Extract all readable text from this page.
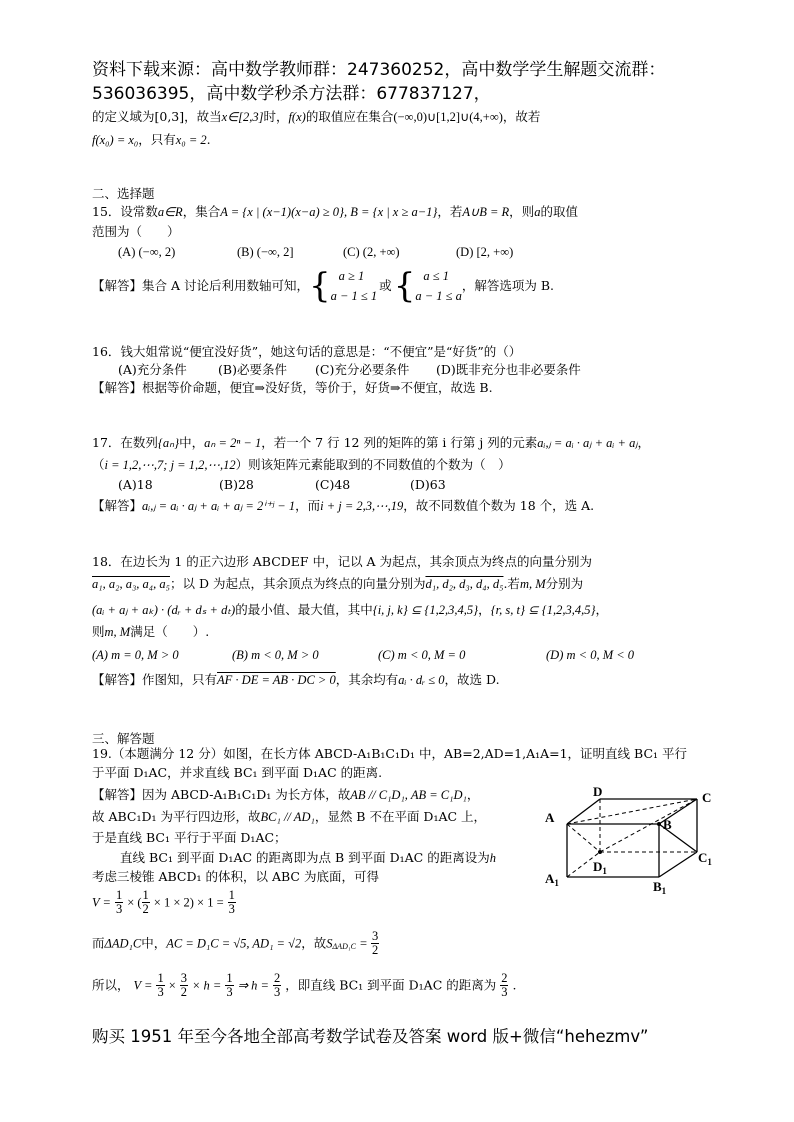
资料下载来源：高中数学教师群：247360252，高中数学学生解题交流群：
536036395，高中数学秒杀方法群：677837127，
的定义域为[0,3]，故当x∈[2,3]时，f(x)的取值应在集合(−∞,0)∪[1,2]∪(4,+∞)，故若
f(x₀) = x₀，只有x₀ = 2.
二、选择题
15．设常数a∈R，集合A = {x | (x−1)(x−a) ≥ 0}, B = {x | x ≥ a−1}，若A∪B = R，则a的取值
范围为（　　）
(A) (−∞, 2)	(B) (−∞, 2]	(C) (2, +∞)	(D) [2, +∞)
【解答】集合 A 讨论后利用数轴可知，{ a ≥ 1
a − 1 ≤ 1
或{ a ≤ 1
a − 1 ≤ a
，解答选项为 B.
16．钱大姐常说“便宜没好货”，她这句话的意思是：“不便宜”是“好货”的（）
(A)充分条件 (B)必要条件 (C)充分必要条件 (D)既非充分也非必要条件
【解答】根据等价命题，便宜⇒没好货，等价于，好货⇒不便宜，故选 B.
17．在数列{aₙ}中，aₙ = 2ⁿ − 1，若一个 7 行 12 列的矩阵的第 i 行第 j 列的元素aᵢ,ⱼ = aᵢ · aⱼ + aᵢ + aⱼ，
（i = 1,2,⋯,7; j = 1,2,⋯,12）则该矩阵元素能取到的不同数值的个数为（　）
(A)18	(B)28	(C)48	(D)63
【解答】aᵢ,ⱼ = aᵢ · aⱼ + aᵢ + aⱼ = 2ⁱ⁺ʲ − 1，而i + j = 2,3,⋯,19，故不同数值个数为 18 个，选 A.
18．在边长为 1 的正六边形 ABCDEF 中，记以 A 为起点，其余顶点为终点的向量分别为
a₁, a₂, a₃, a₄, a₅；以 D 为起点，其余顶点为终点的向量分别为d₁, d₂, d₃, d₄, d₅.若m, M分别为
(aᵢ + aⱼ + aₖ) · (dᵣ + dₛ + dₜ)的最小值、最大值，其中{i, j, k} ⊆ {1,2,3,4,5}，{r, s, t} ⊆ {1,2,3,4,5}，
则m, M满足（　　）.
(A) m = 0, M > 0	(B) m < 0, M > 0	(C) m < 0, M = 0	(D) m < 0, M < 0
【解答】作图知，只有AF · DE = AB · DC > 0，其余均有aᵢ · dᵣ ≤ 0，故选 D.
三、解答题
19.（本题满分 12 分）如图，在长方体 ABCD-A₁B₁C₁D₁ 中，AB=2,AD=1,A₁A=1，证明直线 BC₁ 平行
于平面 D₁AC，并求直线 BC₁ 到平面 D₁AC 的距离.
【解答】因为 ABCD-A₁B₁C₁D₁ 为长方体，故AB // C₁D₁, AB = C₁D₁，
故 ABC₁D₁ 为平行四边形，故BC₁ // AD₁，显然 B 不在平面 D₁AC 上，
于是直线 BC₁ 平行于平面 D₁AC；
直线 BC₁ 到平面 D₁AC 的距离即为点 B 到平面 D₁AC 的距离设为h
考虑三棱锥 ABCD₁ 的体积，以 ABC 为底面，可得
$V = \frac{1}{3}$ × ( $\frac{1}{2} \times 1 \times 2) \times 1 = \frac{1}{3}$
而ΔAD₁C中，AC = D₁C = √5, AD₁ = √2，故$S_{\Delta AD_1C} = \frac{3}{2}$
所以， $V = \frac{1}{3} \times \frac{3}{2} \times h = \frac{1}{3}$ ⇒ $h = \frac{2}{3}$ ，即直线 BC₁ 到平面 D₁AC 的距离为 $\frac{2}{3}$ .
D	C
A	B
$C_1$
$D_1$
$A_1$	$B_1$
购买 1951 年至今各地全部高考数学试卷及答案 word 版+微信“hehezmv”
